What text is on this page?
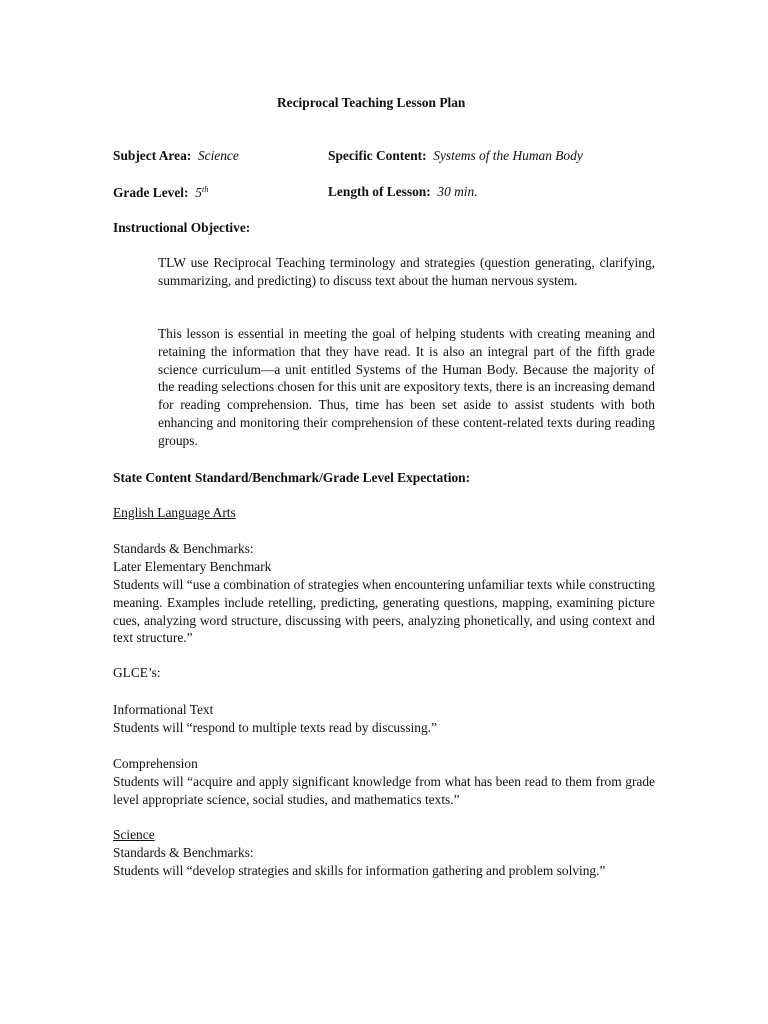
Reciprocal Teaching Lesson Plan
Subject Area: Science	Specific Content: Systems of the Human Body
Grade Level: 5th	Length of Lesson: 30 min.
Instructional Objective:
TLW use Reciprocal Teaching terminology and strategies (question generating, clarifying, summarizing, and predicting) to discuss text about the human nervous system.
This lesson is essential in meeting the goal of helping students with creating meaning and retaining the information that they have read. It is also an integral part of the fifth grade science curriculum—a unit entitled Systems of the Human Body. Because the majority of the reading selections chosen for this unit are expository texts, there is an increasing demand for reading comprehension. Thus, time has been set aside to assist students with both enhancing and monitoring their comprehension of these content-related texts during reading groups.
State Content Standard/Benchmark/Grade Level Expectation:
English Language Arts
Standards & Benchmarks:
Later Elementary Benchmark
Students will “use a combination of strategies when encountering unfamiliar texts while constructing meaning. Examples include retelling, predicting, generating questions, mapping, examining picture cues, analyzing word structure, discussing with peers, analyzing phonetically, and using context and text structure.”
GLCE’s:
Informational Text
Students will “respond to multiple texts read by discussing.”
Comprehension
Students will “acquire and apply significant knowledge from what has been read to them from grade level appropriate science, social studies, and mathematics texts.”
Science
Standards & Benchmarks:
Students will “develop strategies and skills for information gathering and problem solving.”
